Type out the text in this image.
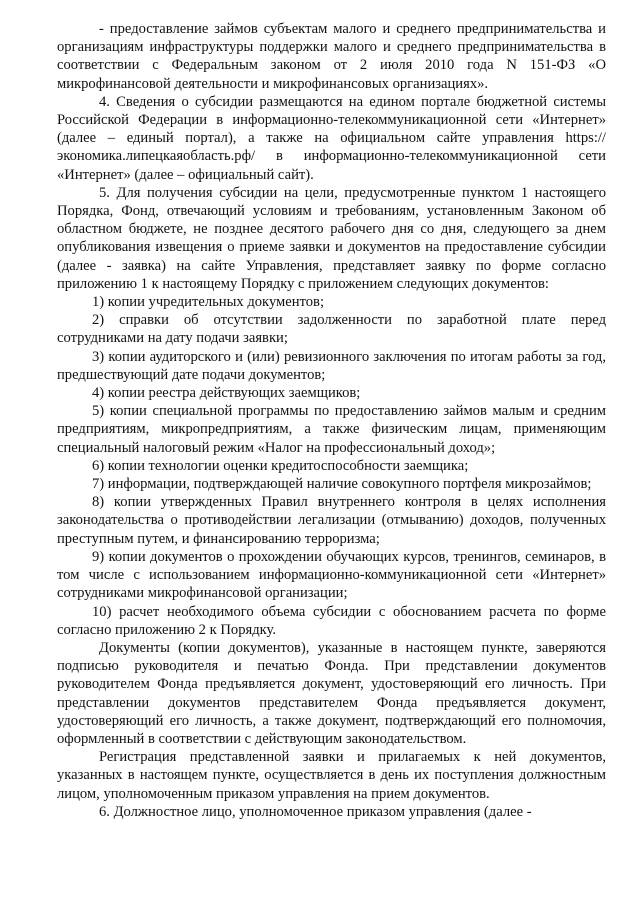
- предоставление займов субъектам малого и среднего предпринимательства и организациям инфраструктуры поддержки малого и среднего предпринимательства в соответствии с Федеральным законом от 2 июля 2010 года N 151-ФЗ «О микрофинансовой деятельности и микрофинансовых организациях».

4. Сведения о субсидии размещаются на едином портале бюджетной системы Российской Федерации в информационно-телекоммуникационной сети «Интернет» (далее – единый портал), а также на официальном сайте управления https://экономика.липецкаяобласть.рф/ в информационно-телекоммуникационной сети «Интернет» (далее – официальный сайт).

5. Для получения субсидии на цели, предусмотренные пунктом 1 настоящего Порядка, Фонд, отвечающий условиям и требованиям, установленным Законом об областном бюджете, не позднее десятого рабочего дня со дня, следующего за днем опубликования извещения о приеме заявки и документов на предоставление субсидии (далее - заявка) на сайте Управления, представляет заявку по форме согласно приложению 1 к настоящему Порядку с приложением следующих документов:

1) копии учредительных документов;

2) справки об отсутствии задолженности по заработной плате перед сотрудниками на дату подачи заявки;

3) копии аудиторского и (или) ревизионного заключения по итогам работы за год, предшествующий дате подачи документов;

4) копии реестра действующих заемщиков;

5) копии специальной программы по предоставлению займов малым и средним предприятиям, микропредприятиям, а также физическим лицам, применяющим специальный налоговый режим «Налог на профессиональный доход»;

6) копии технологии оценки кредитоспособности заемщика;

7) информации, подтверждающей наличие совокупного портфеля микрозаймов;

8) копии утвержденных Правил внутреннего контроля в целях исполнения законодательства о противодействии легализации (отмыванию) доходов, полученных преступным путем, и финансированию терроризма;

9) копии документов о прохождении обучающих курсов, тренингов, семинаров, в том числе с использованием информационно-коммуникационной сети «Интернет» сотрудниками микрофинансовой организации;

10) расчет необходимого объема субсидии с обоснованием расчета по форме согласно приложению 2 к Порядку.

Документы (копии документов), указанные в настоящем пункте, заверяются подписью руководителя и печатью Фонда. При представлении документов руководителем Фонда предъявляется документ, удостоверяющий его личность. При представлении документов представителем Фонда предъявляется документ, удостоверяющий его личность, а также документ, подтверждающий его полномочия, оформленный в соответствии с действующим законодательством.

Регистрация представленной заявки и прилагаемых к ней документов, указанных в настоящем пункте, осуществляется в день их поступления должностным лицом, уполномоченным приказом управления на прием документов.

6. Должностное лицо, уполномоченное приказом управления (далее -
